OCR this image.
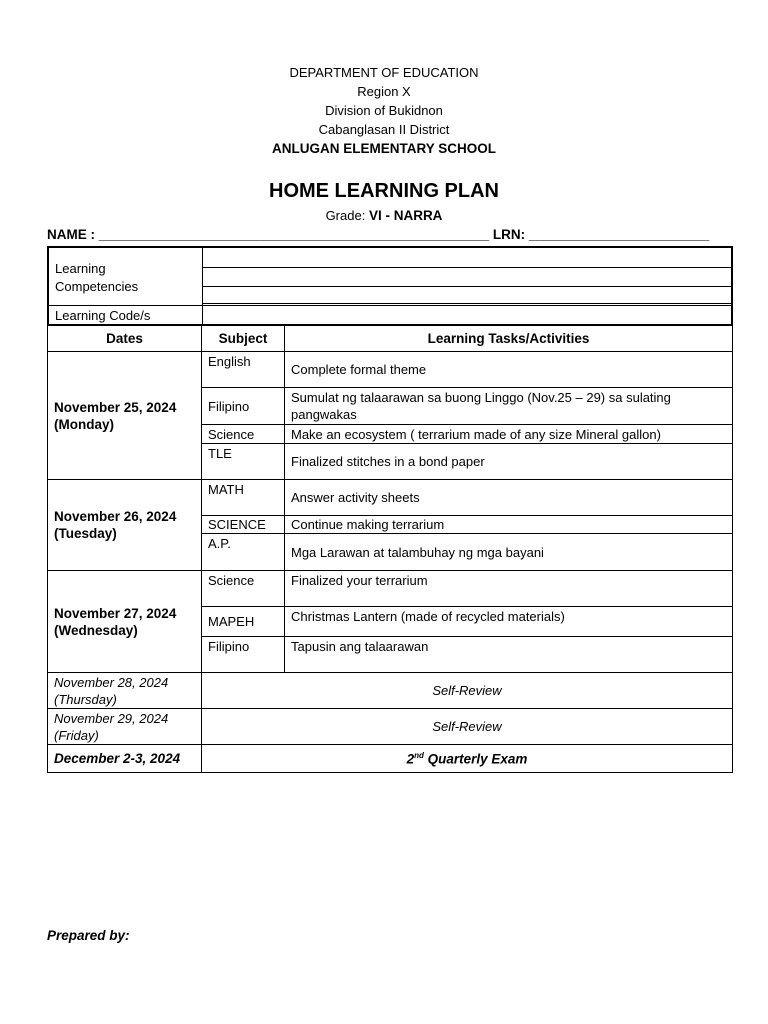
DEPARTMENT OF EDUCATION
Region X
Division of Bukidnon
Cabanglasan II District
ANLUGAN ELEMENTARY SCHOOL
HOME LEARNING PLAN
Grade: VI - NARRA
NAME : ____________________________________________________ LRN: ________________________
Learning Competencies
Learning Code/s
Dates	Subject	Learning Tasks/Activities

November 25, 2024
(Monday)	English	Complete formal theme
	Filipino	Sumulat ng talaarawan sa buong Linggo (Nov.25 – 29) sa sulating pangwakas
	Science	Make an ecosystem ( terrarium made of any size Mineral gallon)
	TLE	Finalized stitches in a bond paper

November 26, 2024
(Tuesday)	MATH	Answer activity sheets
	SCIENCE	Continue making terrarium
	A.P.	Mga Larawan at talambuhay ng mga bayani

November 27, 2024
(Wednesday)	Science	Finalized your terrarium
	MAPEH	Christmas Lantern (made of recycled materials)
	Filipino	Tapusin ang talaarawan

November 28, 2024
(Thursday)	Self-Review	

November 29, 2024
(Friday)	Self-Review	
December 2-3, 2024	2nd Quarterly Exam	
Prepared by:
